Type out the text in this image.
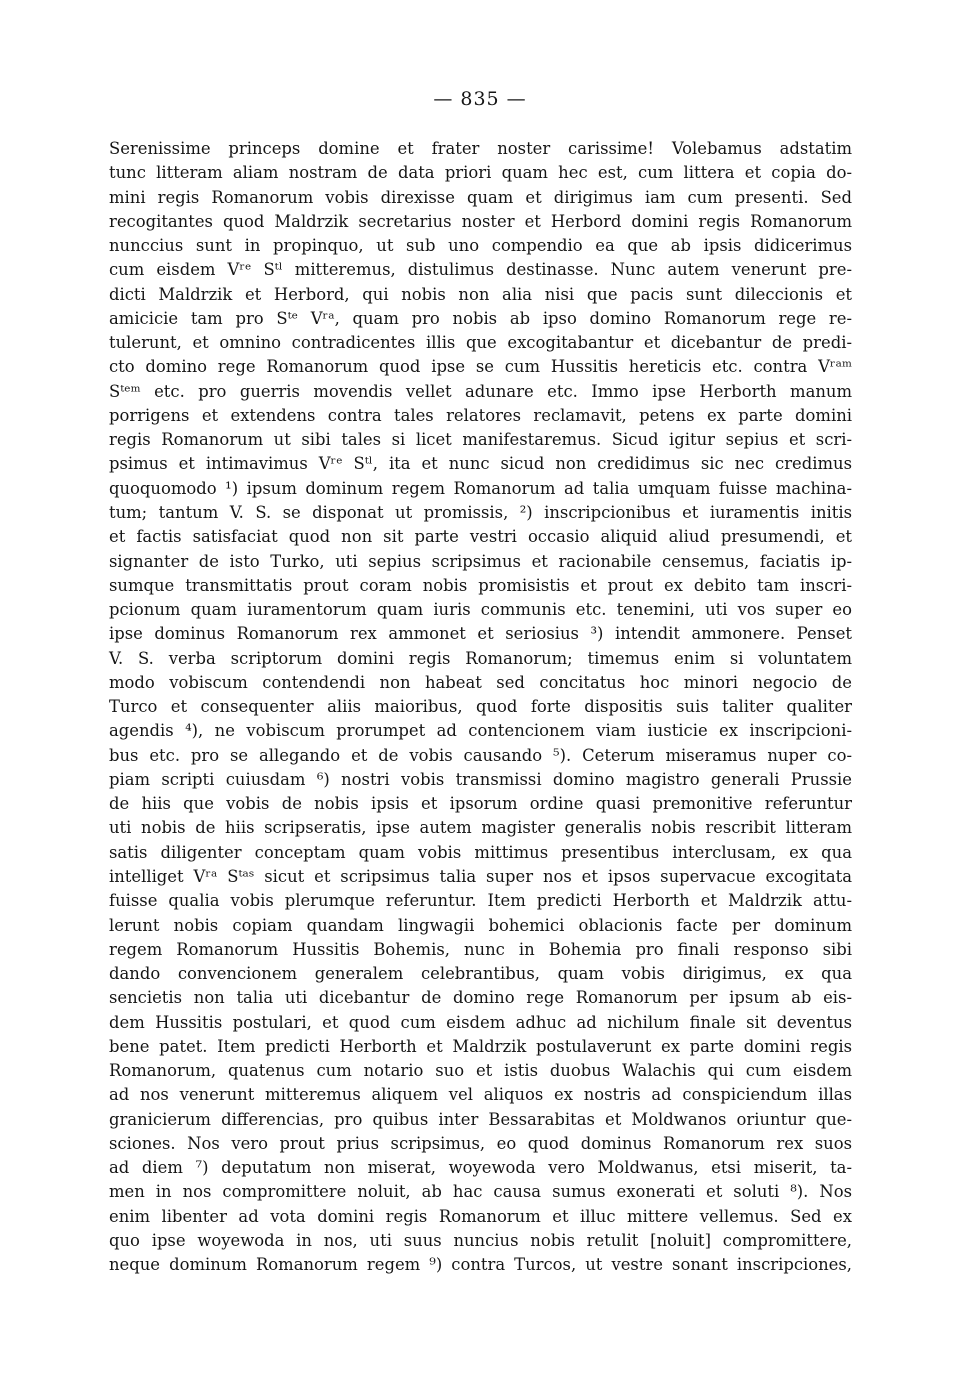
— 835 —
Serenissime princeps domine et frater noster carissime! Volebamus adstatim
tunc litteram aliam nostram de data priori quam hec est, cum littera et copia do-
mini regis Romanorum vobis direxisse quam et dirigimus iam cum presenti. Sed
recogitantes quod Maldrzik secretarius noster et Herbord domini regis Romanorum
nunccius sunt in propinquo, ut sub uno compendio ea que ab ipsis didicerimus
cum eisdem Vʳᵉ Sᵗˡ mitteremus, distulimus destinasse. Nunc autem venerunt pre-
dicti Maldrzik et Herbord, qui nobis non alia nisi que pacis sunt dileccionis et
amicicie tam pro Sᵗᵉ Vʳᵃ, quam pro nobis ab ipso domino Romanorum rege re-
tulerunt, et omnino contradicentes illis que excogitabantur et dicebantur de predi-
cto domino rege Romanorum quod ipse se cum Hussitis hereticis etc. contra Vʳᵃᵐ
Sᵗᵉᵐ etc. pro guerris movendis vellet adunare etc. Immo ipse Herborth manum
porrigens et extendens contra tales relatores reclamavit, petens ex parte domini
regis Romanorum ut sibi tales si licet manifestaremus. Sicud igitur sepius et scri-
psimus et intimavimus Vʳᵉ Sᵗˡ, ita et nunc sicud non credidimus sic nec credimus
quoquomodo ¹) ipsum dominum regem Romanorum ad talia umquam fuisse machina-
tum; tantum V. S. se disponat ut promissis, ²) inscripcionibus et iuramentis initis
et factis satisfaciat quod non sit parte vestri occasio aliquid aliud presumendi, et
signanter de isto Turko, uti sepius scripsimus et racionabile censemus, faciatis ip-
sumque transmittatis prout coram nobis promisistis et prout ex debito tam inscri-
pcionum quam iuramentorum quam iuris communis etc. tenemini, uti vos super eo
ipse dominus Romanorum rex ammonet et seriosius ³) intendit ammonere. Penset
V. S. verba scriptorum domini regis Romanorum; timemus enim si voluntatem
modo vobiscum contendendi non habeat sed concitatus hoc minori negocio de
Turco et consequenter aliis maioribus, quod forte dispositis suis taliter qualiter
agendis ⁴), ne vobiscum prorumpet ad contencionem viam iusticie ex inscripcioni-
bus etc. pro se allegando et de vobis causando ⁵). Ceterum miseramus nuper co-
piam scripti cuiusdam ⁶) nostri vobis transmissi domino magistro generali Prussie
de hiis que vobis de nobis ipsis et ipsorum ordine quasi premonitive referuntur
uti nobis de hiis scripseratis, ipse autem magister generalis nobis rescribit litteram
satis diligenter conceptam quam vobis mittimus presentibus interclusam, ex qua
intelliget Vʳᵃ Sᵗᵃˢ sicut et scripsimus talia super nos et ipsos supervacue excogitata
fuisse qualia vobis plerumque referuntur. Item predicti Herborth et Maldrzik attu-
lerunt nobis copiam quandam lingwagii bohemici oblacionis facte per dominum
regem Romanorum Hussitis Bohemis, nunc in Bohemia pro finali responso sibi
dando convencionem generalem celebrantibus, quam vobis dirigimus, ex qua
sencietis non talia uti dicebantur de domino rege Romanorum per ipsum ab eis-
dem Hussitis postulari, et quod cum eisdem adhuc ad nichilum finale sit deventus
bene patet. Item predicti Herborth et Maldrzik postulaverunt ex parte domini regis
Romanorum, quatenus cum notario suo et istis duobus Walachis qui cum eisdem
ad nos venerunt mitteremus aliquem vel aliquos ex nostris ad conspiciendum illas
granicierum differencias, pro quibus inter Bessarabitas et Moldwanos oriuntur que-
sciones. Nos vero prout prius scripsimus, eo quod dominus Romanorum rex suos
ad diem ⁷) deputatum non miserat, woyewoda vero Moldwanus, etsi miserit, ta-
men in nos compromittere noluit, ab hac causa sumus exonerati et soluti ⁸). Nos
enim libenter ad vota domini regis Romanorum et illuc mittere vellemus. Sed ex
quo ipse woyewoda in nos, uti suus nuncius nobis retulit [noluit] compromittere,
neque dominum Romanorum regem ⁹) contra Turcos, ut vestre sonant inscripciones,
